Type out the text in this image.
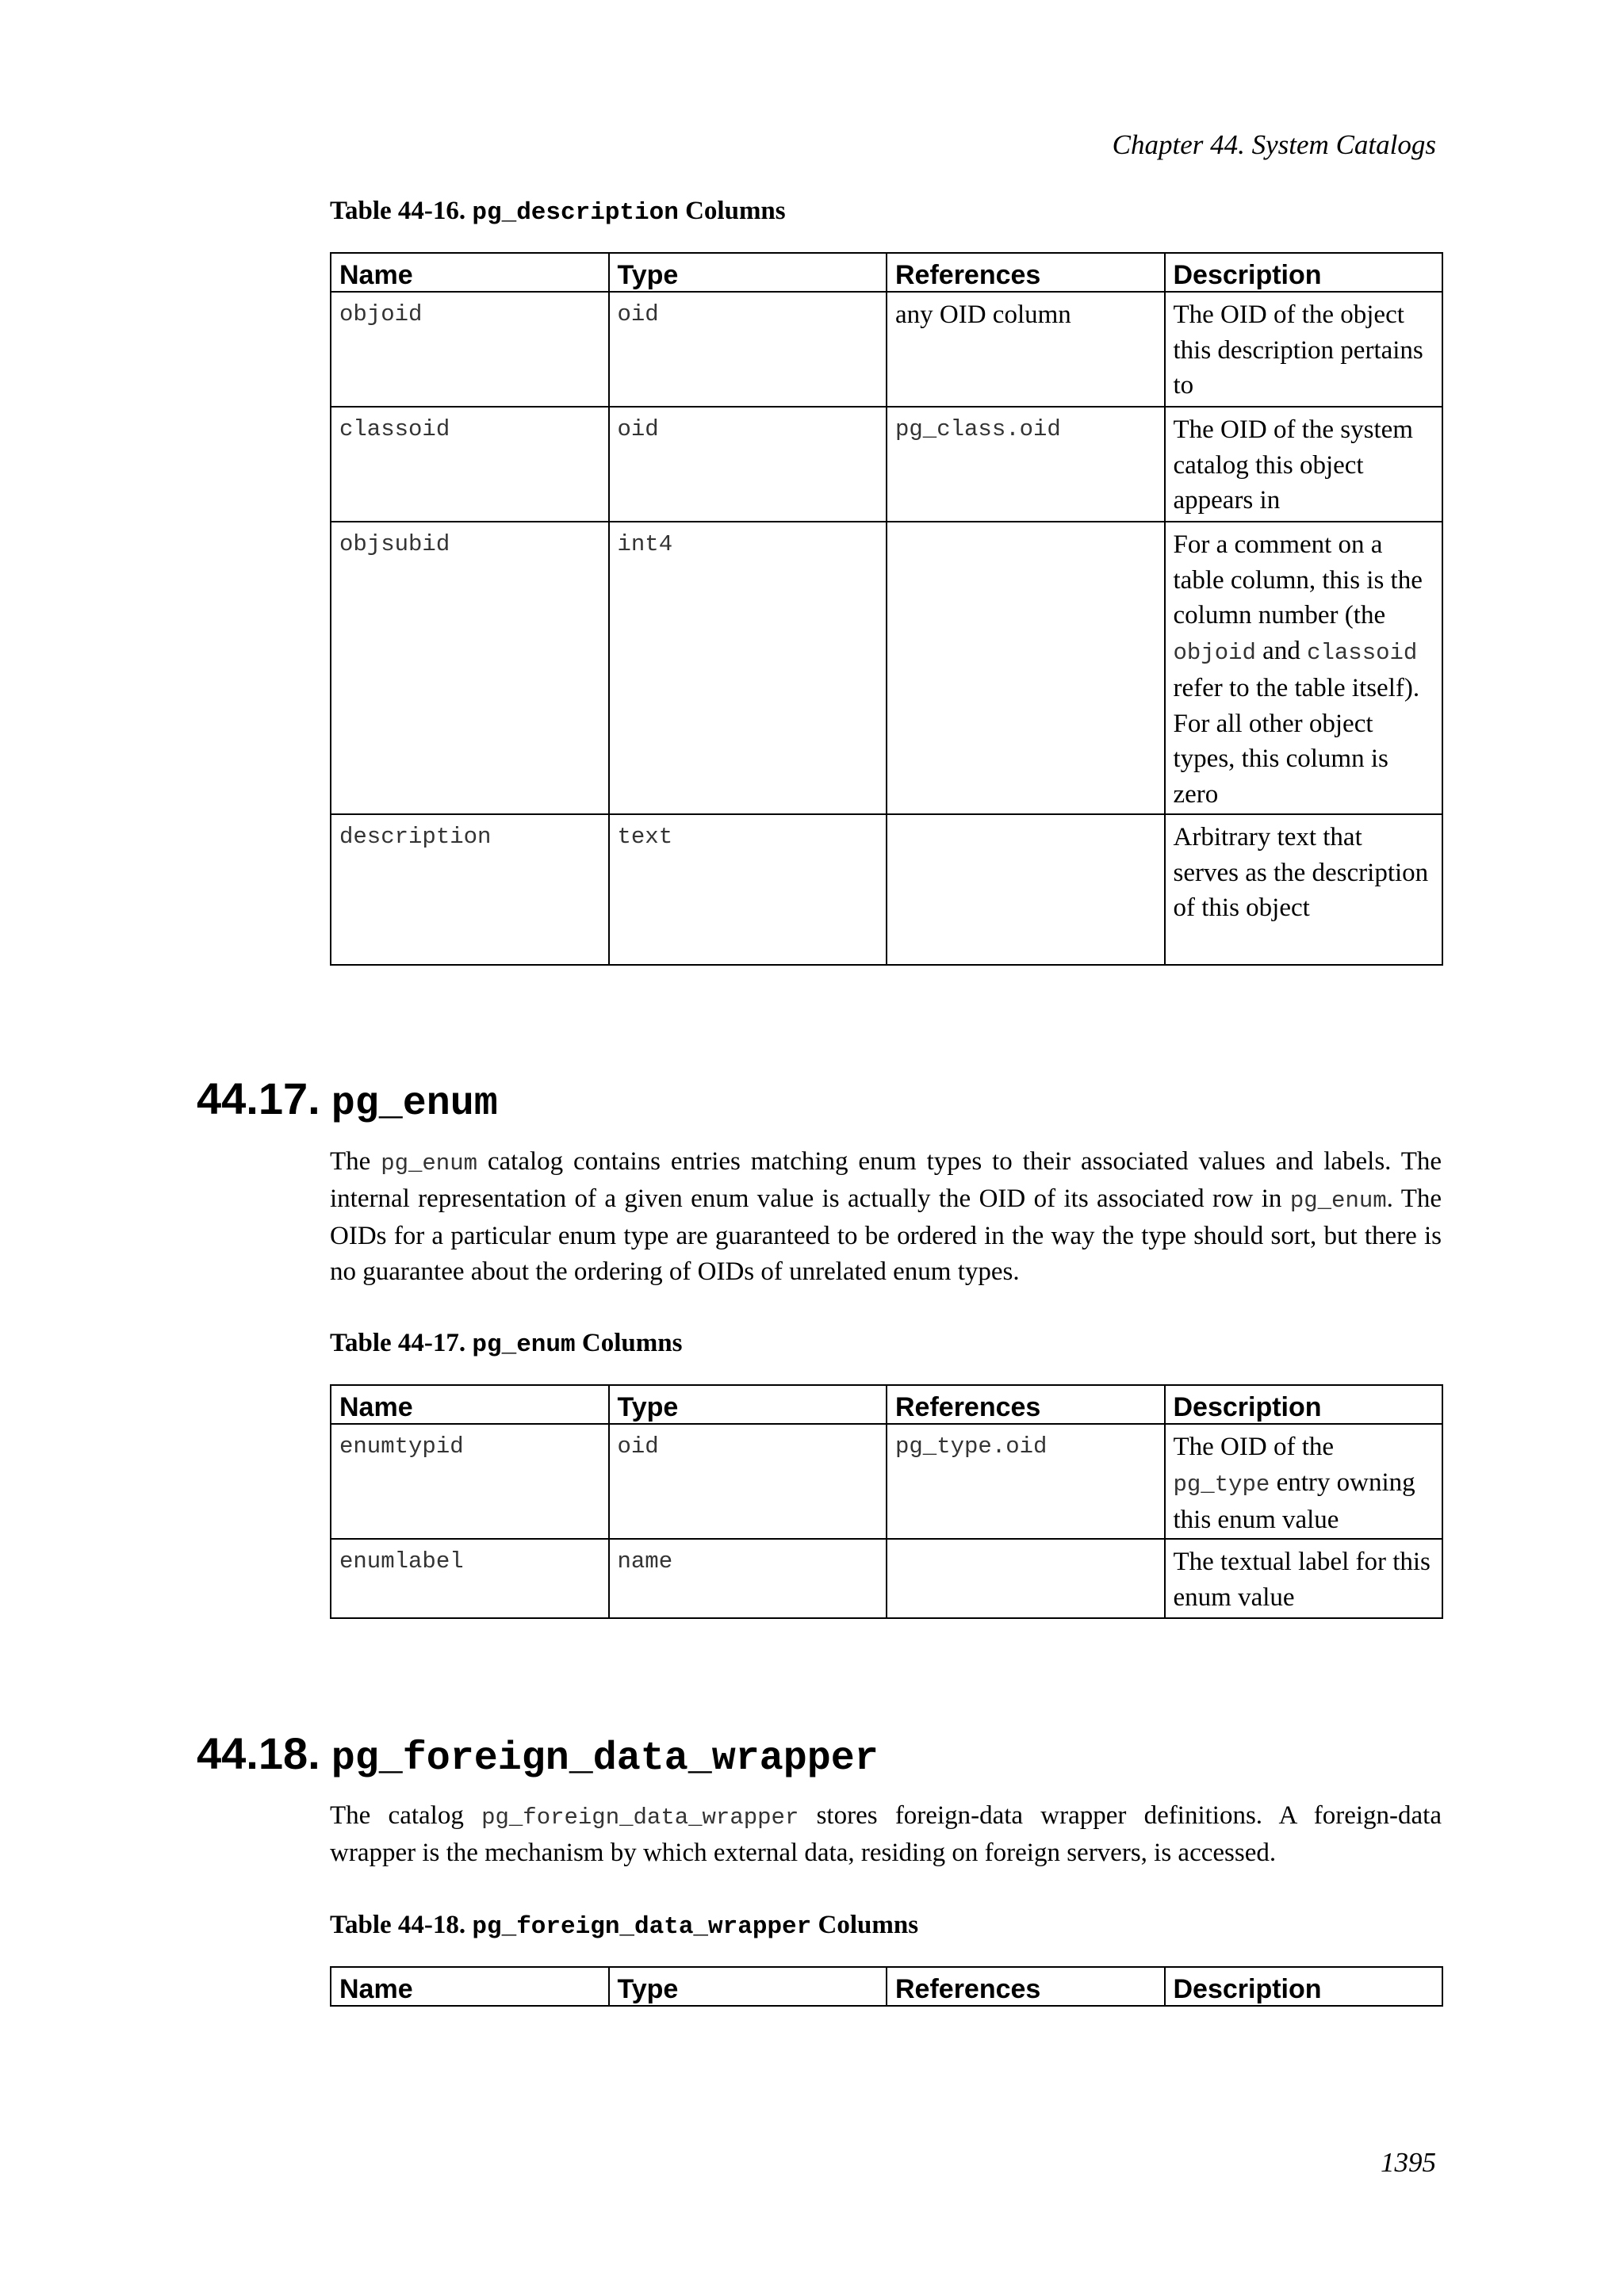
Chapter 44. System Catalogs
Table 44-16. pg_description Columns
Name	Type	References	Description
objoid	oid	any OID column	The OID of the object this description pertains to
classoid	oid	pg_class.oid	The OID of the system catalog this object appears in
objsubid	int4		For a comment on a table column, this is the column number (the objoid and classoid refer to the table itself). For all other object types, this column is zero
description	text		Arbitrary text that serves as the description of this object
44.17. pg_enum

The pg_enum catalog contains entries matching enum types to their associated values and labels. The internal representation of a given enum value is actually the OID of its associated row in pg_enum. The OIDs for a particular enum type are guaranteed to be ordered in the way the type should sort, but there is no guarantee about the ordering of OIDs of unrelated enum types.

Table 44-17. pg_enum Columns
Name	Type	References	Description
enumtypid	oid	pg_type.oid	The OID of the pg_type entry owning this enum value
enumlabel	name		The textual label for this enum value
44.18. pg_foreign_data_wrapper

The catalog pg_foreign_data_wrapper stores foreign-data wrapper definitions. A foreign-data wrapper is the mechanism by which external data, residing on foreign servers, is accessed.

Table 44-18. pg_foreign_data_wrapper Columns
Name	Type	References	Description
1395
